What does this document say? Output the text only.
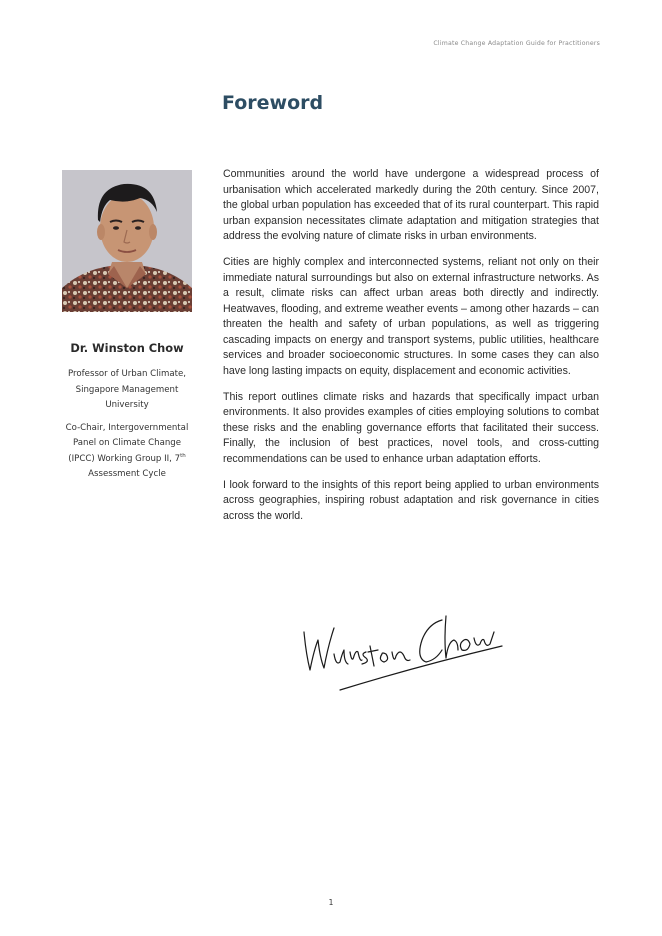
Climate Change Adaptation Guide for Practitioners
Foreword
Dr. Winston Chow
Professor of Urban Climate, Singapore Management University
Co-Chair, Intergovernmental Panel on Climate Change (IPCC) Working Group II, 7th Assessment Cycle

Communities around the world have undergone a widespread process of urbanisation which accelerated markedly during the 20th century. Since 2007, the global urban population has exceeded that of its rural counterpart. This rapid urban expansion necessitates climate adaptation and mitigation strategies that address the evolving nature of climate risks in urban environments.

Cities are highly complex and interconnected systems, reliant not only on their immediate natural surroundings but also on external infrastructure networks. As a result, climate risks can affect urban areas both directly and indirectly. Heatwaves, flooding, and extreme weather events – among other hazards – can threaten the health and safety of urban populations, as well as triggering cascading impacts on energy and transport systems, public utilities, healthcare services and broader socioeconomic structures. In some cases they can also have long lasting impacts on equity, displacement and economic activities.

This report outlines climate risks and hazards that specifically impact urban environments. It also provides examples of cities employing solutions to combat these risks and the enabling governance efforts that facilitated their success. Finally, the inclusion of best practices, novel tools, and cross-cutting recommendations can be used to enhance urban adaptation efforts.

I look forward to the insights of this report being applied to urban environments across geographies, inspiring robust adaptation and risk governance in cities across the world.

1
